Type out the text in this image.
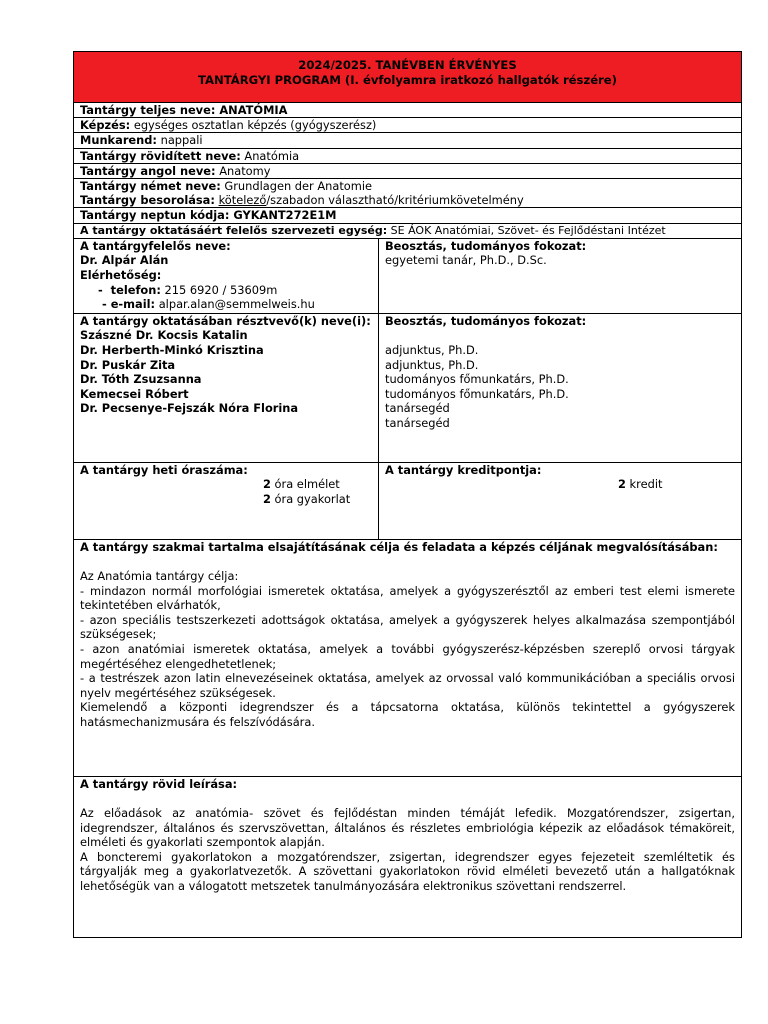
2024/2025. TANÉVBEN ÉRVÉNYES
TANTÁRGYI PROGRAM (I. évfolyamra iratkozó hallgatók részére)
Tantárgy teljes neve: ANATÓMIA
Képzés: egységes osztatlan képzés (gyógyszerész)
Munkarend: nappali
Tantárgy rövidített neve: Anatómia
Tantárgy angol neve: Anatomy
Tantárgy német neve: Grundlagen der Anatomie
Tantárgy besorolása: kötelező/szabadon választható/kritériumkövetelmény
Tantárgy neptun kódja: GYKANT272E1M
A tantárgy oktatásáért felelős szervezeti egység: SE ÁOK Anatómiai, Szövet- és Fejlődéstani Intézet
A tantárgyfelelős neve:
Dr. Alpár Alán
Elérhetőség:
-  telefon: 215 6920 / 53609m
- e-mail: alpar.alan@semmelweis.hu
Beosztás, tudományos fokozat:
egyetemi tanár, Ph.D., D.Sc.
A tantárgy oktatásában résztvevő(k) neve(i):
Szászné Dr. Kocsis Katalin
Dr. Herberth-Minkó Krisztina
Dr. Puskár Zita
Dr. Tóth Zsuzsanna
Kemecsei Róbert
Dr. Pecsenye-Fejszák Nóra Florina
Beosztás, tudományos fokozat:
adjunktus, Ph.D.
adjunktus, Ph.D.
tudományos főmunkatárs, Ph.D.
tudományos főmunkatárs, Ph.D.
tanársegéd
tanársegéd
A tantárgy heti óraszáma:
2 óra elmélet
2 óra gyakorlat
A tantárgy kreditpontja:
2 kredit
A tantárgy szakmai tartalma elsajátításának célja és feladata a képzés céljának megvalósításában:
Az Anatómia tantárgy célja:
- mindazon normál morfológiai ismeretek oktatása, amelyek a gyógyszerésztől az emberi test elemi ismerete tekintetében elvárhatók,
- azon speciális testszerkezeti adottságok oktatása, amelyek a gyógyszerek helyes alkalmazása szempontjából szükségesek;
- azon anatómiai ismeretek oktatása, amelyek a további gyógyszerész-képzésben szereplő orvosi tárgyak megértéséhez elengedhetetlenek;
- a testrészek azon latin elnevezéseinek oktatása, amelyek az orvossal való kommunikációban a speciális orvosi nyelv megértéséhez szükségesek.
Kiemelendő a központi idegrendszer és a tápcsatorna oktatása, különös tekintettel a gyógyszerek hatásmechanizmusára és felszívódására.
A tantárgy rövid leírása:
Az előadások az anatómia- szövet és fejlődéstan minden témáját lefedik. Mozgatórendszer, zsigertan, idegrendszer, általános és szervszövettan, általános és részletes embriológia képezik az előadások témaköreit, elméleti és gyakorlati szempontok alapján.
A boncteremi gyakorlatokon a mozgatórendszer, zsigertan, idegrendszer egyes fejezeteit szemléltetik és tárgyalják meg a gyakorlatvezetők. A szövettani gyakorlatokon rövid elméleti bevezető után a hallgatóknak lehetőségük van a válogatott metszetek tanulmányozására elektronikus szövettani rendszerrel.
